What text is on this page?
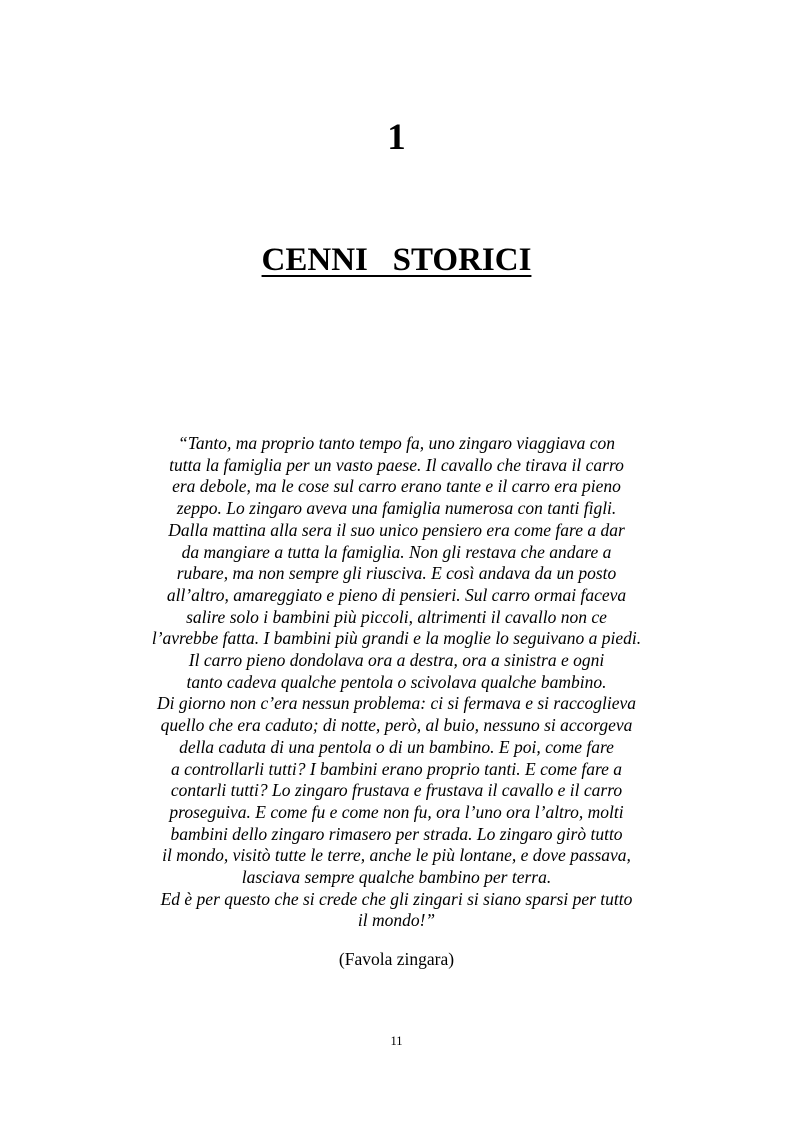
1
CENNI   STORICI
“Tanto, ma proprio tanto tempo fa, uno zingaro viaggiava con
tutta la famiglia per un vasto paese. Il cavallo che tirava il carro
era debole, ma le cose sul carro erano tante e il carro era pieno
zeppo. Lo zingaro aveva una famiglia numerosa con tanti figli.
Dalla mattina alla sera il suo unico pensiero era come fare a dar
da mangiare a tutta la famiglia. Non gli restava che andare a
rubare, ma non sempre gli riusciva. E così andava da un posto
all’altro, amareggiato e pieno di pensieri. Sul carro ormai faceva
salire solo i bambini più piccoli, altrimenti il cavallo non ce
l’avrebbe fatta. I bambini più grandi e la moglie lo seguivano a piedi.
Il carro pieno dondolava ora a destra, ora a sinistra e ogni
tanto cadeva qualche pentola o scivolava qualche bambino.
Di giorno non c’era nessun problema: ci si fermava e si raccoglieva
quello che era caduto; di notte, però, al buio, nessuno si accorgeva
della caduta di una pentola o di un bambino. E poi, come fare
a controllarli tutti? I bambini erano proprio tanti. E come fare a
contarli tutti? Lo zingaro frustava e frustava il cavallo e il carro
proseguiva. E come fu e come non fu, ora l’uno ora l’altro, molti
bambini dello zingaro rimasero per strada. Lo zingaro girò tutto
il mondo, visitò tutte le terre, anche le più lontane, e dove passava,
lasciava sempre qualche bambino per terra.
Ed è per questo che si crede che gli zingari si siano sparsi per tutto
il mondo!”

(Favola zingara)

11
